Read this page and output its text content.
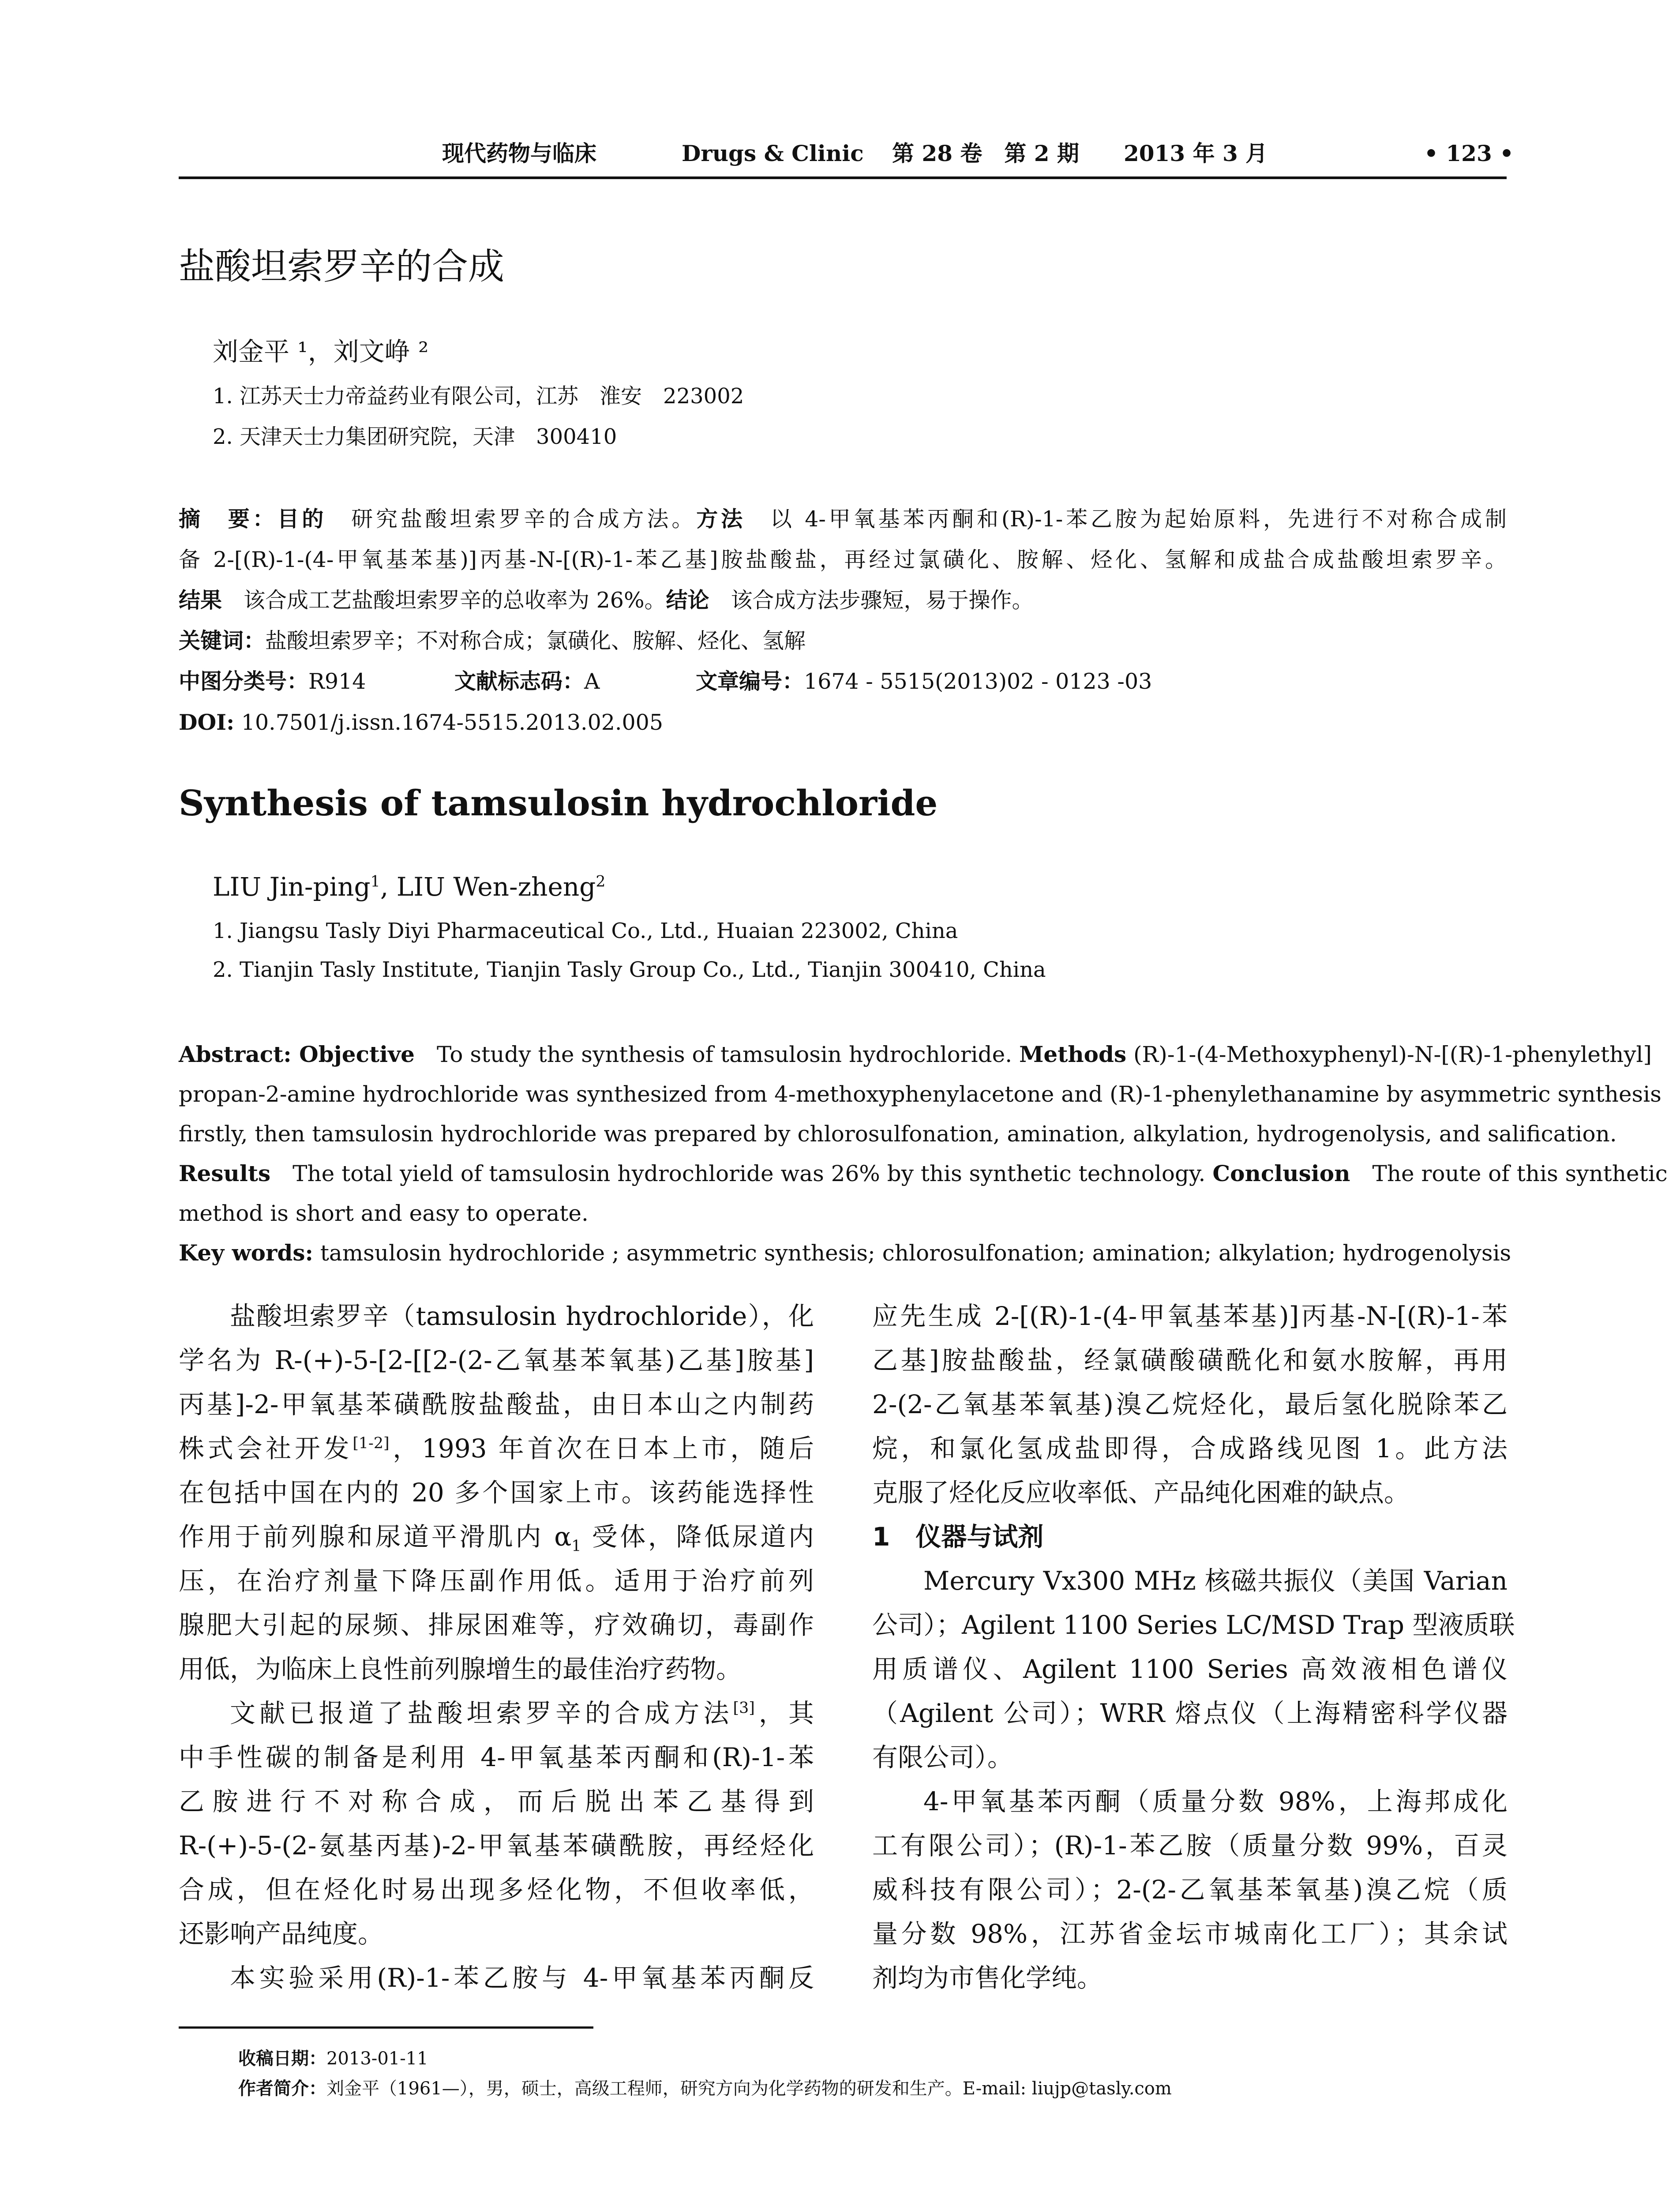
现代药物与临床	Drugs & Clinic 第 28 卷　第 2 期 2013 年 3 月	• 123 •
盐酸坦索罗辛的合成
刘金平 ¹，刘文峥 ²
1. 江苏天士力帝益药业有限公司，江苏　淮安　223002
2. 天津天士力集团研究院，天津　300410
摘　要：目的　研究盐酸坦索罗辛的合成方法。方法　以 4-甲氧基苯丙酮和(R)-1-苯乙胺为起始原料，先进行不对称合成制
备 2-[(R)-1-(4-甲氧基苯基)]丙基-N-[(R)-1-苯乙基]胺盐酸盐，再经过氯磺化、胺解、烃化、氢解和成盐合成盐酸坦索罗辛。
结果　该合成工艺盐酸坦索罗辛的总收率为 26%。结论　该合成方法步骤短，易于操作。
关键词：盐酸坦索罗辛；不对称合成；氯磺化、胺解、烃化、氢解
中图分类号：R914	文献标志码：A	文章编号：1674 - 5515(2013)02 - 0123 -03
DOI: 10.7501/j.issn.1674-5515.2013.02.005
Synthesis of tamsulosin hydrochloride
LIU Jin-ping$^1$, LIU Wen-zheng$^2$
1. Jiangsu Tasly Diyi Pharmaceutical Co., Ltd., Huaian 223002, China
2. Tianjin Tasly Institute, Tianjin Tasly Group Co., Ltd., Tianjin 300410, China
Abstract: Objective　To study the synthesis of tamsulosin hydrochloride. Methods (R)-1-(4-Methoxyphenyl)-N-[(R)-1-phenylethyl]
propan-2-amine hydrochloride was synthesized from 4-methoxyphenylacetone and (R)-1-phenylethanamine by asymmetric synthesis
firstly, then tamsulosin hydrochloride was prepared by chlorosulfonation, amination, alkylation, hydrogenolysis, and salification.
Results　The total yield of tamsulosin hydrochloride was 26% by this synthetic technology. Conclusion　The route of this synthetic
method is short and easy to operate.
Key words: tamsulosin hydrochloride ; asymmetric synthesis; chlorosulfonation; amination; alkylation; hydrogenolysis
盐酸坦索罗辛（tamsulosin hydrochloride），化
学名为 R-(+)-5-[2-[[2-(2-乙氧基苯氧基)乙基]胺基]
丙基]-2-甲氧基苯磺酰胺盐酸盐，由日本山之内制药
株式会社开发[1-2]，1993 年首次在日本上市，随后
在包括中国在内的 20 多个国家上市。该药能选择性
作用于前列腺和尿道平滑肌内 $\alpha_1$ 受体，降低尿道内
压，在治疗剂量下降压副作用低。适用于治疗前列
腺肥大引起的尿频、排尿困难等，疗效确切，毒副作
用低，为临床上良性前列腺增生的最佳治疗药物。
文献已报道了盐酸坦索罗辛的合成方法[3]，其
中手性碳的制备是利用 4-甲氧基苯丙酮和(R)-1-苯
乙胺进行不对称合成，而后脱出苯乙基得到
R-(+)-5-(2-氨基丙基)-2-甲氧基苯磺酰胺，再经烃化
合成，但在烃化时易出现多烃化物，不但收率低，
还影响产品纯度。
本实验采用(R)-1-苯乙胺与 4-甲氧基苯丙酮反
应先生成 2-[(R)-1-(4-甲氧基苯基)]丙基-N-[(R)-1-苯
乙基]胺盐酸盐，经氯磺酸磺酰化和氨水胺解，再用
2-(2-乙氧基苯氧基)溴乙烷烃化，最后氢化脱除苯乙
烷，和氯化氢成盐即得，合成路线见图 1。此方法
克服了烃化反应收率低、产品纯化困难的缺点。
1　仪器与试剂
Mercury Vx300 MHz 核磁共振仪（美国 Varian
公司）；Agilent 1100 Series LC/MSD Trap 型液质联
用质谱仪、Agilent 1100 Series 高效液相色谱仪
（Agilent 公司）；WRR 熔点仪（上海精密科学仪器
有限公司）。
4-甲氧基苯丙酮（质量分数 98%，上海邦成化
工有限公司）；(R)-1-苯乙胺（质量分数 99%，百灵
威科技有限公司）；2-(2-乙氧基苯氧基)溴乙烷（质
量分数 98%，江苏省金坛市城南化工厂）；其余试
剂均为市售化学纯。
收稿日期：2013-01-11
作者简介：刘金平（1961—），男，硕士，高级工程师，研究方向为化学药物的研发和生产。E-mail: liujp@tasly.com
